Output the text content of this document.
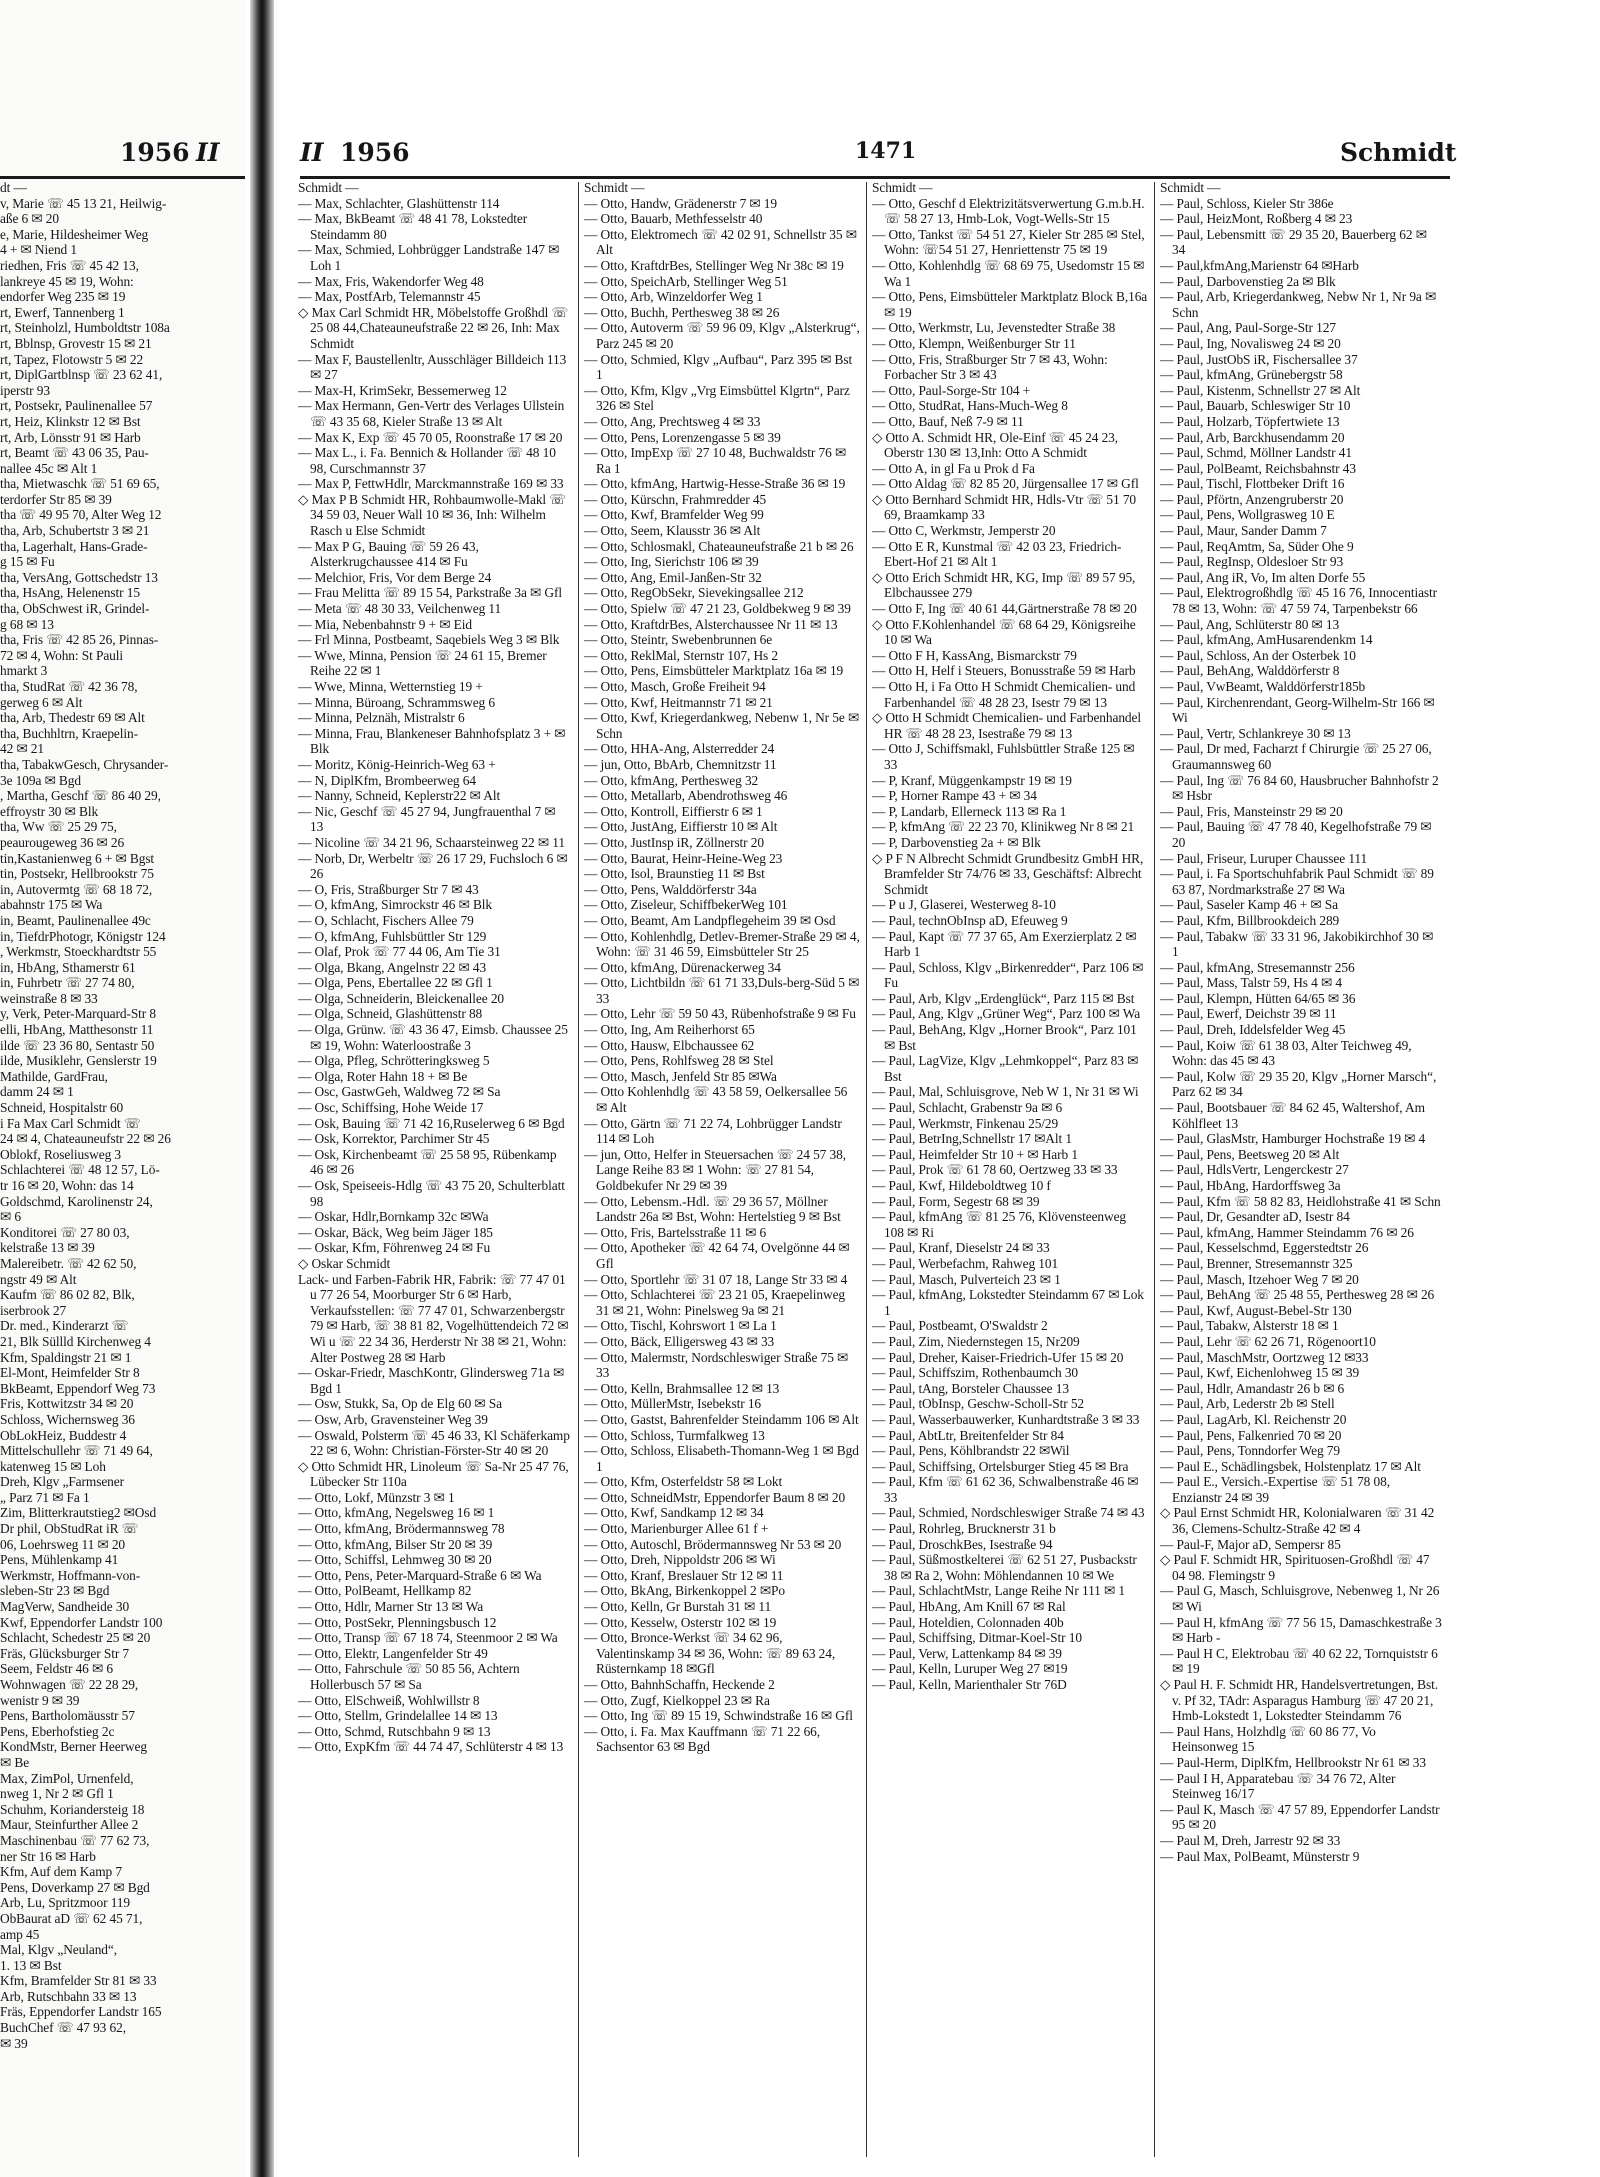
1956 II	II 1956	1471	Schmidt

dt —

v, Marie ☏ 45 13 21, Heilwig-

aße 6 ✉ 20

e, Marie, Hildesheimer Weg

4 + ✉ Niend 1

riedhen, Fris ☏ 45 42 13,

lankreye 45 ✉ 19, Wohn:

endorfer Weg 235 ✉ 19

rt, Ewerf, Tannenberg 1

rt, Steinholzl, Humboldtstr 108a

rt, Bblnsp, Grovestr 15 ✉ 21

rt, Tapez, Flotowstr 5 ✉ 22

rt, DiplGartblnsp ☏ 23 62 41,

iperstr 93

rt, Postsekr, Paulinenallee 57

rt, Heiz, Klinkstr 12 ✉ Bst

rt, Arb, Lönsstr 91 ✉ Harb

rt, Beamt ☏ 43 06 35, Pau-

nallee 45c ✉ Alt 1

tha, Mietwaschk ☏ 51 69 65,

terdorfer Str 85 ✉ 39

tha ☏ 49 95 70, Alter Weg 12

tha, Arb, Schubertstr 3 ✉ 21

tha, Lagerhalt, Hans-Grade-

g 15 ✉ Fu

tha, VersAng, Gottschedstr 13

tha, HsAng, Helenenstr 15

tha, ObSchwest iR, Grindel-

g 68 ✉ 13

tha, Fris ☏ 42 85 26, Pinnas-

72 ✉ 4, Wohn: St Pauli

hmarkt 3

tha, StudRat ☏ 42 36 78,

gerweg 6 ✉ Alt

tha, Arb, Thedestr 69 ✉ Alt

tha, Buchhltrn, Kraepelin-

42 ✉ 21

tha, TabakwGesch, Chrysander-

3e 109a ✉ Bgd

, Martha, Geschf ☏ 86 40 29,

effroystr 30 ✉ Blk

tha, Ww ☏ 25 29 75,

peaurougeweg 36 ✉ 26

tin,Kastanienweg 6 + ✉ Bgst

tin, Postsekr, Hellbrookstr 75

in, Autovermtg ☏ 68 18 72,

abahnstr 175 ✉ Wa

in, Beamt, Paulinenallee 49c

in, TiefdrPhotogr, Königstr 124

, Werkmstr, Stoeckhardtstr 55

in, HbAng, Sthamerstr 61

in, Fuhrbetr ☏ 27 74 80,

weinstraße 8 ✉ 33

y, Verk, Peter-Marquard-Str 8

elli, HbAng, Matthesonstr 11

ilde ☏ 23 36 80, Sentastr 50

ilde, Musiklehr, Genslerstr 19

Mathilde, GardFrau,

damm 24 ✉ 1

Schneid, Hospitalstr 60

i Fa Max Carl Schmidt ☏

24 ✉ 4, Chateauneufstr 22 ✉ 26

Oblokf, Roseliusweg 3

Schlachterei ☏ 48 12 57, Lö-

tr 16 ✉ 20, Wohn: das 14

Goldschmd, Karolinenstr 24,

✉ 6

Konditorei ☏ 27 80 03,

kelstraße 13 ✉ 39

Malereibetr. ☏ 42 62 50,

ngstr 49 ✉ Alt

Kaufm ☏ 86 02 82, Blk,

iserbrook 27

Dr. med., Kinderarzt ☏

21, Blk Süllld Kirchenweg 4

Kfm, Spaldingstr 21 ✉ 1

El-Mont, Heimfelder Str 8

BkBeamt, Eppendorf Weg 73

Fris, Kottwitzstr 34 ✉ 20

Schloss, Wichernsweg 36

ObLokHeiz, Buddestr 4

Mittelschullehr ☏ 71 49 64,

katenweg 15 ✉ Loh

Dreh, Klgv „Farmsener

„ Parz 71 ✉ Fa 1

Zim, Blitterkrautstieg2 ✉Osd

Dr phil, ObStudRat iR ☏

06, Loehrsweg 11 ✉ 20

Pens, Mühlenkamp 41

Werkmstr, Hoffmann-von-

sleben-Str 23 ✉ Bgd

MagVerw, Sandheide 30

Kwf, Eppendorfer Landstr 100

Schlacht, Schedestr 25 ✉ 20

Fräs, Glücksburger Str 7

Seem, Feldstr 46 ✉ 6

Wohnwagen ☏ 22 28 29,

wenistr 9 ✉ 39

Pens, Bartholomäusstr 57

Pens, Eberhofstieg 2c

KondMstr, Berner Heerweg

✉ Be

Max, ZimPol, Urnenfeld,

nweg 1, Nr 2 ✉ Gfl 1

Schuhm, Koriandersteig 18

Maur, Steinfurther Allee 2

Maschinenbau ☏ 77 62 73,

ner Str 16 ✉ Harb

Kfm, Auf dem Kamp 7

Pens, Doverkamp 27 ✉ Bgd

Arb, Lu, Spritzmoor 119

ObBaurat aD ☏ 62 45 71,

amp 45

Mal, Klgv „Neuland“,

1. 13 ✉ Bst

Kfm, Bramfelder Str 81 ✉ 33

Arb, Rutschbahn 33 ✉ 13

Fräs, Eppendorfer Landstr 165

BuchChef ☏ 47 93 62,

✉ 39

Schmidt —

— Max, Schlachter, Glashüttenstr 114

— Max, BkBeamt ☏ 48 41 78, Lokstedter Steindamm 80

— Max, Schmied, Lohbrügger Landstraße 147 ✉ Loh 1

— Max, Fris, Wakendorfer Weg 48

— Max, PostfArb, Telemannstr 45

◇ Max Carl Schmidt HR, Möbelstoffe Großhdl ☏ 25 08 44,Chateauneufstraße 22 ✉ 26, Inh: Max Schmidt

— Max F, Baustellenltr, Ausschläger Billdeich 113 ✉ 27

— Max-H, KrimSekr, Bessemerweg 12

— Max Hermann, Gen-Vertr des Verlages Ullstein ☏ 43 35 68, Kieler Straße 13 ✉ Alt

— Max K, Exp ☏ 45 70 05, Roonstraße 17 ✉ 20

— Max L., i. Fa. Bennich & Hollander ☏ 48 10 98, Curschmannstr 37

— Max P, FettwHdlr, Marckmannstraße 169 ✉ 33

◇ Max P B Schmidt HR, Rohbaumwolle-Makl ☏ 34 59 03, Neuer Wall 10 ✉ 36, Inh: Wilhelm Rasch u Else Schmidt

— Max P G, Bauing ☏ 59 26 43, Alsterkrugchaussee 414 ✉ Fu

— Melchior, Fris, Vor dem Berge 24

— Frau Melitta ☏ 89 15 54, Parkstraße 3a ✉ Gfl

— Meta ☏ 48 30 33, Veilchenweg 11

— Mia, Nebenbahnstr 9 + ✉ Eid

— Frl Minna, Postbeamt, Saqebiels Weg 3 ✉ Blk

— Wwe, Minna, Pension ☏ 24 61 15, Bremer Reihe 22 ✉ 1

— Wwe, Minna, Wetternstieg 19 +

— Minna, Büroang, Schrammsweg 6

— Minna, Pelznäh, Mistralstr 6

— Minna, Frau, Blankeneser Bahnhofsplatz 3 + ✉ Blk

— Moritz, König-Heinrich-Weg 63 +

— N, DiplKfm, Brombeerweg 64

— Nanny, Schneid, Keplerstr22 ✉ Alt

— Nic, Geschf ☏ 45 27 94, Jungfrauenthal 7 ✉ 13

— Nicoline ☏ 34 21 96, Schaarsteinweg 22 ✉ 11

— Norb, Dr, Werbeltr ☏ 26 17 29, Fuchsloch 6 ✉ 26

— O, Fris, Straßburger Str 7 ✉ 43

— O, kfmAng, Simrockstr 46 ✉ Blk

— O, Schlacht, Fischers Allee 79

— O, kfmAng, Fuhlsbüttler Str 129

— Olaf, Prok ☏ 77 44 06, Am Tie 31

— Olga, Bkang, Angelnstr 22 ✉ 43

— Olga, Pens, Ebertallee 22 ✉ Gfl 1

— Olga, Schneiderin, Bleickenallee 20

— Olga, Schneid, Glashüttenstr 88

— Olga, Grünw. ☏ 43 36 47, Eimsb. Chaussee 25 ✉ 19, Wohn: Waterloostraße 3

— Olga, Pfleg, Schrötteringksweg 5

— Olga, Roter Hahn 18 + ✉ Be

— Osc, GastwGeh, Waldweg 72 ✉ Sa

— Osc, Schiffsing, Hohe Weide 17

— Osk, Bauing ☏ 71 42 16,Ruselerweg 6 ✉ Bgd

— Osk, Korrektor, Parchimer Str 45

— Osk, Kirchenbeamt ☏ 25 58 95, Rübenkamp 46 ✉ 26

— Osk, Speiseeis-Hdlg ☏ 43 75 20, Schulterblatt 98

— Oskar, Hdlr,Bornkamp 32c ✉Wa

— Oskar, Bäck, Weg beim Jäger 185

— Oskar, Kfm, Föhrenweg 24 ✉ Fu

◇ Oskar Schmidt

Lack- und Farben-Fabrik HR, Fabrik: ☏ 77 47 01 u 77 26 54, Moorburger Str 6 ✉ Harb, Verkaufsstellen: ☏ 77 47 01, Schwarzenbergstr 79 ✉ Harb, ☏ 38 81 82, Vogelhüttendeich 72 ✉ Wi u ☏ 22 34 36, Herderstr Nr 38 ✉ 21, Wohn: Alter Postweg 28 ✉ Harb

— Oskar-Friedr, MaschKontr, Glindersweg 71a ✉ Bgd 1

— Osw, Stukk, Sa, Op de Elg 60 ✉ Sa

— Osw, Arb, Gravensteiner Weg 39

— Oswald, Polsterm ☏ 45 46 33, Kl Schäferkamp 22 ✉ 6, Wohn: Christian-Förster-Str 40 ✉ 20

◇ Otto Schmidt HR, Linoleum ☏ Sa-Nr 25 47 76, Lübecker Str 110a

— Otto, Lokf, Münzstr 3 ✉ 1

— Otto, kfmAng, Negelsweg 16 ✉ 1

— Otto, kfmAng, Brödermannsweg 78

— Otto, kfmAng, Bilser Str 20 ✉ 39

— Otto, Schiffsl, Lehmweg 30 ✉ 20

— Otto, Pens, Peter-Marquard-Straße 6 ✉ Wa

— Otto, PolBeamt, Hellkamp 82

— Otto, Hdlr, Marner Str 13 ✉ Wa

— Otto, PostSekr, Plenningsbusch 12

— Otto, Transp ☏ 67 18 74, Steenmoor 2 ✉ Wa

— Otto, Elektr, Langenfelder Str 49

— Otto, Fahrschule ☏ 50 85 56, Achtern Hollerbusch 57 ✉ Sa

— Otto, ElSchweiß, Wohlwillstr 8

— Otto, Stellm, Grindelallee 14 ✉ 13

— Otto, Schmd, Rutschbahn 9 ✉ 13

— Otto, ExpKfm ☏ 44 74 47, Schlüterstr 4 ✉ 13

Schmidt —

— Otto, Handw, Grädenerstr 7 ✉ 19

— Otto, Bauarb, Methfesselstr 40

— Otto, Elektromech ☏ 42 02 91, Schnellstr 35 ✉ Alt

— Otto, KraftdrBes, Stellinger Weg Nr 38c ✉ 19

— Otto, SpeichArb, Stellinger Weg 51

— Otto, Arb, Winzeldorfer Weg 1

— Otto, Buchh, Perthesweg 38 ✉ 26

— Otto, Autoverm ☏ 59 96 09, Klgv „Alsterkrug“, Parz 245 ✉ 20

— Otto, Schmied, Klgv „Aufbau“, Parz 395 ✉ Bst 1

— Otto, Kfm, Klgv „Vrg Eimsbüttel Klgrtn“, Parz 326 ✉ Stel

— Otto, Ang, Prechtsweg 4 ✉ 33

— Otto, Pens, Lorenzengasse 5 ✉ 39

— Otto, ImpExp ☏ 27 10 48, Buchwaldstr 76 ✉ Ra 1

— Otto, kfmAng, Hartwig-Hesse-Straße 36 ✉ 19

— Otto, Kürschn, Frahmredder 45

— Otto, Kwf, Bramfelder Weg 99

— Otto, Seem, Klausstr 36 ✉ Alt

— Otto, Schlosmakl, Chateauneufstraße 21 b ✉ 26

— Otto, Ing, Sierichstr 106 ✉ 39

— Otto, Ang, Emil-Janßen-Str 32

— Otto, RegObSekr, Sievekingsallee 212

— Otto, Spielw ☏ 47 21 23, Goldbekweg 9 ✉ 39

— Otto, KraftdrBes, Alsterchaussee Nr 11 ✉ 13

— Otto, Steintr, Swebenbrunnen 6e

— Otto, ReklMal, Sternstr 107, Hs 2

— Otto, Pens, Eimsbütteler Marktplatz 16a ✉ 19

— Otto, Masch, Große Freiheit 94

— Otto, Kwf, Heitmannstr 71 ✉ 21

— Otto, Kwf, Kriegerdankweg, Nebenw 1, Nr 5e ✉ Schn

— Otto, HHA-Ang, Alsterredder 24

— jun, Otto, BbArb, Chemnitzstr 11

— Otto, kfmAng, Perthesweg 32

— Otto, Metallarb, Abendrothsweg 46

— Otto, Kontroll, Eiffierstr 6 ✉ 1

— Otto, JustAng, Eiffierstr 10 ✉ Alt

— Otto, JustInsp iR, Zöllnerstr 20

— Otto, Baurat, Heinr-Heine-Weg 23

— Otto, Isol, Braunstieg 11 ✉ Bst

— Otto, Pens, Walddörferstr 34a

— Otto, Ziseleur, SchiffbekerWeg 101

— Otto, Beamt, Am Landpflegeheim 39 ✉ Osd

— Otto, Kohlenhdlg, Detlev-Bremer-Straße 29 ✉ 4, Wohn: ☏ 31 46 59, Eimsbütteler Str 25

— Otto, kfmAng, Dürenackerweg 34

— Otto, Lichtbildn ☏ 61 71 33,Duls-berg-Süd 5 ✉ 33

— Otto, Lehr ☏ 59 50 43, Rübenhofstraße 9 ✉ Fu

— Otto, Ing, Am Reiherhorst 65

— Otto, Hausw, Elbchaussee 62

— Otto, Pens, Rohlfsweg 28 ✉ Stel

— Otto, Masch, Jenfeld Str 85 ✉Wa

— Otto Kohlenhdlg ☏ 43 58 59, Oelkersallee 56 ✉ Alt

— Otto, Gärtn ☏ 71 22 74, Lohbrügger Landstr 114 ✉ Loh

— jun, Otto, Helfer in Steuersachen ☏ 24 57 38, Lange Reihe 83 ✉ 1 Wohn: ☏ 27 81 54, Goldbekufer Nr 29 ✉ 39

— Otto, Lebensm.-Hdl. ☏ 29 36 57, Möllner Landstr 26a ✉ Bst, Wohn: Hertelstieg 9 ✉ Bst

— Otto, Fris, Bartelsstraße 11 ✉ 6

— Otto, Apotheker ☏ 42 64 74, Ovelgönne 44 ✉ Gfl

— Otto, Sportlehr ☏ 31 07 18, Lange Str 33 ✉ 4

— Otto, Schlachterei ☏ 23 21 05, Kraepelinweg 31 ✉ 21, Wohn: Pinelsweg 9a ✉ 21

— Otto, Tischl, Kohrswort 1 ✉ La 1

— Otto, Bäck, Elligersweg 43 ✉ 33

— Otto, Malermstr, Nordschleswiger Straße 75 ✉ 33

— Otto, Kelln, Brahmsallee 12 ✉ 13

— Otto, MüllerMstr, Isebekstr 16

— Otto, Gastst, Bahrenfelder Steindamm 106 ✉ Alt

— Otto, Schloss, Turmfalkweg 13

— Otto, Schloss, Elisabeth-Thomann-Weg 1 ✉ Bgd 1

— Otto, Kfm, Osterfeldstr 58 ✉ Lokt

— Otto, SchneidMstr, Eppendorfer Baum 8 ✉ 20

— Otto, Kwf, Sandkamp 12 ✉ 34

— Otto, Marienburger Allee 61 f +

— Otto, Autoschl, Brödermannsweg Nr 53 ✉ 20

— Otto, Dreh, Nippoldstr 206 ✉ Wi

— Otto, Kranf, Breslauer Str 12 ✉ 11

— Otto, BkAng, Birkenkoppel 2 ✉Po

— Otto, Kelln, Gr Burstah 31 ✉ 11

— Otto, Kesselw, Osterstr 102 ✉ 19

— Otto, Bronce-Werkst ☏ 34 62 96, Valentinskamp 34 ✉ 36, Wohn: ☏ 89 63 24, Rüsternkamp 18 ✉Gfl

— Otto, BahnhSchaffn, Heckende 2

— Otto, Zugf, Kielkoppel 23 ✉ Ra

— Otto, Ing ☏ 89 15 19, Schwindstraße 16 ✉ Gfl

— Otto, i. Fa. Max Kauffmann ☏ 71 22 66, Sachsentor 63 ✉ Bgd

Schmidt —

— Otto, Geschf d Elektrizitätsverwertung G.m.b.H. ☏ 58 27 13, Hmb-Lok, Vogt-Wells-Str 15

— Otto, Tankst ☏ 54 51 27, Kieler Str 285 ✉ Stel, Wohn: ☏54 51 27, Henriettenstr 75 ✉ 19

— Otto, Kohlenhdlg ☏ 68 69 75, Usedomstr 15 ✉ Wa 1

— Otto, Pens, Eimsbütteler Marktplatz Block B,16a ✉ 19

— Otto, Werkmstr, Lu, Jevenstedter Straße 38

— Otto, Klempn, Weißenburger Str 11

— Otto, Fris, Straßburger Str 7 ✉ 43, Wohn: Forbacher Str 3 ✉ 43

— Otto, Paul-Sorge-Str 104 +

— Otto, StudRat, Hans-Much-Weg 8

— Otto, Bauf, Neß 7-9 ✉ 11

◇ Otto A. Schmidt HR, Ole-Einf ☏ 45 24 23, Oberstr 130 ✉ 13,Inh: Otto A Schmidt

— Otto A, in gl Fa u Prok d Fa

— Otto Aldag ☏ 82 85 20, Jürgensallee 17 ✉ Gfl

◇ Otto Bernhard Schmidt HR, Hdls-Vtr ☏ 51 70 69, Braamkamp 33

— Otto C, Werkmstr, Jemperstr 20

— Otto E R, Kunstmal ☏ 42 03 23, Friedrich-Ebert-Hof 21 ✉ Alt 1

◇ Otto Erich Schmidt HR, KG, Imp ☏ 89 57 95, Elbchaussee 279

— Otto F, Ing ☏ 40 61 44,Gärtnerstraße 78 ✉ 20

◇ Otto F.Kohlenhandel ☏ 68 64 29, Königsreihe 10 ✉ Wa

— Otto F H, KassAng, Bismarckstr 79

— Otto H, Helf i Steuers, Bonusstraße 59 ✉ Harb

— Otto H, i Fa Otto H Schmidt Chemicalien- und Farbenhandel ☏ 48 28 23, Isestr 79 ✉ 13

◇ Otto H Schmidt Chemicalien- und Farbenhandel HR ☏ 48 28 23, Isestraße 79 ✉ 13

— Otto J, Schiffsmakl, Fuhlsbüttler Straße 125 ✉ 33

— P, Kranf, Müggenkampstr 19 ✉ 19

— P, Horner Rampe 43 + ✉ 34

— P, Landarb, Ellerneck 113 ✉ Ra 1

— P, kfmAng ☏ 22 23 70, Klinikweg Nr 8 ✉ 21

— P, Darbovenstieg 2a + ✉ Blk

◇ P F N Albrecht Schmidt Grundbesitz GmbH HR, Bramfelder Str 74/76 ✉ 33, Geschäftsf: Albrecht Schmidt

— P u J, Glaserei, Westerweg 8-10

— Paul, technObInsp aD, Efeuweg 9

— Paul, Kapt ☏ 77 37 65, Am Exerzierplatz 2 ✉ Harb 1

— Paul, Schloss, Klgv „Birkenredder“, Parz 106 ✉ Fu

— Paul, Arb, Klgv „Erdenglück“, Parz 115 ✉ Bst

— Paul, Ang, Klgv „Grüner Weg“, Parz 100 ✉ Wa

— Paul, BehAng, Klgv „Horner Brook“, Parz 101 ✉ Bst

— Paul, LagVize, Klgv „Lehmkoppel“, Parz 83 ✉ Bst

— Paul, Mal, Schluisgrove, Neb W 1, Nr 31 ✉ Wi

— Paul, Schlacht, Grabenstr 9a ✉ 6

— Paul, Werkmstr, Finkenau 25/29

— Paul, BetrIng,Schnellstr 17 ✉Alt 1

— Paul, Heimfelder Str 10 + ✉ Harb 1

— Paul, Prok ☏ 61 78 60, Oertzweg 33 ✉ 33

— Paul, Kwf, Hildeboldtweg 10 f

— Paul, Form, Segestr 68 ✉ 39

— Paul, kfmAng ☏ 81 25 76, Klövensteenweg 108 ✉ Ri

— Paul, Kranf, Dieselstr 24 ✉ 33

— Paul, Werbefachm, Rahweg 101

— Paul, Masch, Pulverteich 23 ✉ 1

— Paul, kfmAng, Lokstedter Steindamm 67 ✉ Lok 1

— Paul, Postbeamt, O'Swaldstr 2

— Paul, Zim, Niedernstegen 15, Nr209

— Paul, Dreher, Kaiser-Friedrich-Ufer 15 ✉ 20

— Paul, Schiffszim, Rothenbaumch 30

— Paul, tAng, Borsteler Chaussee 13

— Paul, tObInsp, Geschw-Scholl-Str 52

— Paul, Wasserbauwerker, Kunhardtstraße 3 ✉ 33

— Paul, AbtLtr, Breitenfelder Str 84

— Paul, Pens, Köhlbrandstr 22 ✉Wil

— Paul, Schiffsing, Ortelsburger Stieg 45 ✉ Bra

— Paul, Kfm ☏ 61 62 36, Schwalbenstraße 46 ✉ 33

— Paul, Schmied, Nordschleswiger Straße 74 ✉ 43

— Paul, Rohrleg, Brucknerstr 31 b

— Paul, DroschkBes, Isestraße 94

— Paul, Süßmostkelterei ☏ 62 51 27, Pusbackstr 38 ✉ Ra 2, Wohn: Möhlendannen 10 ✉ We

— Paul, SchlachtMstr, Lange Reihe Nr 111 ✉ 1

— Paul, HbAng, Am Knill 67 ✉ Ral

— Paul, Hoteldien, Colonnaden 40b

— Paul, Schiffsing, Ditmar-Koel-Str 10

— Paul, Verw, Lattenkamp 84 ✉ 39

— Paul, Kelln, Luruper Weg 27 ✉19

— Paul, Kelln, Marienthaler Str 76D

Schmidt —

— Paul, Schloss, Kieler Str 386e

— Paul, HeizMont, Roßberg 4 ✉ 23

— Paul, Lebensmitt ☏ 29 35 20, Bauerberg 62 ✉ 34

— Paul,kfmAng,Marienstr 64 ✉Harb

— Paul, Darbovenstieg 2a ✉ Blk

— Paul, Arb, Kriegerdankweg, Nebw Nr 1, Nr 9a ✉ Schn

— Paul, Ang, Paul-Sorge-Str 127

— Paul, Ing, Novalisweg 24 ✉ 20

— Paul, JustObS iR, Fischersallee 37

— Paul, kfmAng, Grünebergstr 58

— Paul, Kistenm, Schnellstr 27 ✉ Alt

— Paul, Bauarb, Schleswiger Str 10

— Paul, Holzarb, Töpfertwiete 13

— Paul, Arb, Barckhusendamm 20

— Paul, Schmd, Möllner Landstr 41

— Paul, PolBeamt, Reichsbahnstr 43

— Paul, Tischl, Flottbeker Drift 16

— Paul, Pförtn, Anzengruberstr 20

— Paul, Pens, Wollgrasweg 10 E

— Paul, Maur, Sander Damm 7

— Paul, ReqAmtm, Sa, Süder Ohe 9

— Paul, RegInsp, Oldesloer Str 93

— Paul, Ang iR, Vo, Im alten Dorfe 55

— Paul, Elektrogroßhdlg ☏ 45 16 76, Innocentiastr 78 ✉ 13, Wohn: ☏ 47 59 74, Tarpenbekstr 66

— Paul, Ang, Schlüterstr 80 ✉ 13

— Paul, kfmAng, AmHusarendenkm 14

— Paul, Schloss, An der Osterbek 10

— Paul, BehAng, Walddörferstr 8

— Paul, VwBeamt, Walddörferstr185b

— Paul, Kirchenrendant, Georg-Wilhelm-Str 166 ✉ Wi

— Paul, Vertr, Schlankreye 30 ✉ 13

— Paul, Dr med, Facharzt f Chirurgie ☏ 25 27 06, Graumannsweg 60

— Paul, Ing ☏ 76 84 60, Hausbrucher Bahnhofstr 2 ✉ Hsbr

— Paul, Fris, Mansteinstr 29 ✉ 20

— Paul, Bauing ☏ 47 78 40, Kegelhofstraße 79 ✉ 20

— Paul, Friseur, Luruper Chaussee 111

— Paul, i. Fa Sportschuhfabrik Paul Schmidt ☏ 89 63 87, Nordmarkstraße 27 ✉ Wa

— Paul, Saseler Kamp 46 + ✉ Sa

— Paul, Kfm, Billbrookdeich 289

— Paul, Tabakw ☏ 33 31 96, Jakobikirchhof 30 ✉ 1

— Paul, kfmAng, Stresemannstr 256

— Paul, Mass, Talstr 59, Hs 4 ✉ 4

— Paul, Klempn, Hütten 64/65 ✉ 36

— Paul, Ewerf, Deichstr 39 ✉ 11

— Paul, Dreh, Iddelsfelder Weg 45

— Paul, Koiw ☏ 61 38 03, Alter Teichweg 49, Wohn: das 45 ✉ 43

— Paul, Kolw ☏ 29 35 20, Klgv „Horner Marsch“, Parz 62 ✉ 34

— Paul, Bootsbauer ☏ 84 62 45, Waltershof, Am Köhlfleet 13

— Paul, GlasMstr, Hamburger Hochstraße 19 ✉ 4

— Paul, Pens, Beetsweg 20 ✉ Alt

— Paul, HdlsVertr, Lengerckestr 27

— Paul, HbAng, Hardorffsweg 3a

— Paul, Kfm ☏ 58 82 83, Heidlohstraße 41 ✉ Schn

— Paul, Dr, Gesandter aD, Isestr 84

— Paul, kfmAng, Hammer Steindamm 76 ✉ 26

— Paul, Kesselschmd, Eggerstedtstr 26

— Paul, Brenner, Stresemannstr 325

— Paul, Masch, Itzehoer Weg 7 ✉ 20

— Paul, BehAng ☏ 25 48 55, Perthesweg 28 ✉ 26

— Paul, Kwf, August-Bebel-Str 130

— Paul, Tabakw, Alsterstr 18 ✉ 1

— Paul, Lehr ☏ 62 26 71, Rögenoort10

— Paul, MaschMstr, Oortzweg 12 ✉33

— Paul, Kwf, Eichenlohweg 15 ✉ 39

— Paul, Hdlr, Amandastr 26 b ✉ 6

— Paul, Arb, Lederstr 2b ✉ Stell

— Paul, LagArb, Kl. Reichenstr 20

— Paul, Pens, Falkenried 70 ✉ 20

— Paul, Pens, Tonndorfer Weg 79

— Paul E., Schädlingsbek, Holstenplatz 17 ✉ Alt

— Paul E., Versich.-Expertise ☏ 51 78 08, Enzianstr 24 ✉ 39

◇ Paul Ernst Schmidt HR, Kolonialwaren ☏ 31 42 36, Clemens-Schultz-Straße 42 ✉ 4

— Paul-F, Major aD, Sempersr 85

◇ Paul F. Schmidt HR, Spirituosen-Großhdl ☏ 47 04 98. Flemingstr 9

— Paul G, Masch, Schluisgrove, Nebenweg 1, Nr 26 ✉ Wi

— Paul H, kfmAng ☏ 77 56 15, Damaschkestraße 3 ✉ Harb -

— Paul H C, Elektrobau ☏ 40 62 22, Tornquiststr 6 ✉ 19

◇ Paul H. F. Schmidt HR, Handelsvertretungen, Bst. v. Pf 32, TAdr: Asparagus Hamburg ☏ 47 20 21, Hmb-Lokstedt 1, Lokstedter Steindamm 76

— Paul Hans, Holzhdlg ☏ 60 86 77, Vo Heinsonweg 15

— Paul-Herm, DiplKfm, Hellbrookstr Nr 61 ✉ 33

— Paul I H, Apparatebau ☏ 34 76 72, Alter Steinweg 16/17

— Paul K, Masch ☏ 47 57 89, Eppendorfer Landstr 95 ✉ 20

— Paul M, Dreh, Jarrestr 92 ✉ 33

— Paul Max, PolBeamt, Münsterstr 9
